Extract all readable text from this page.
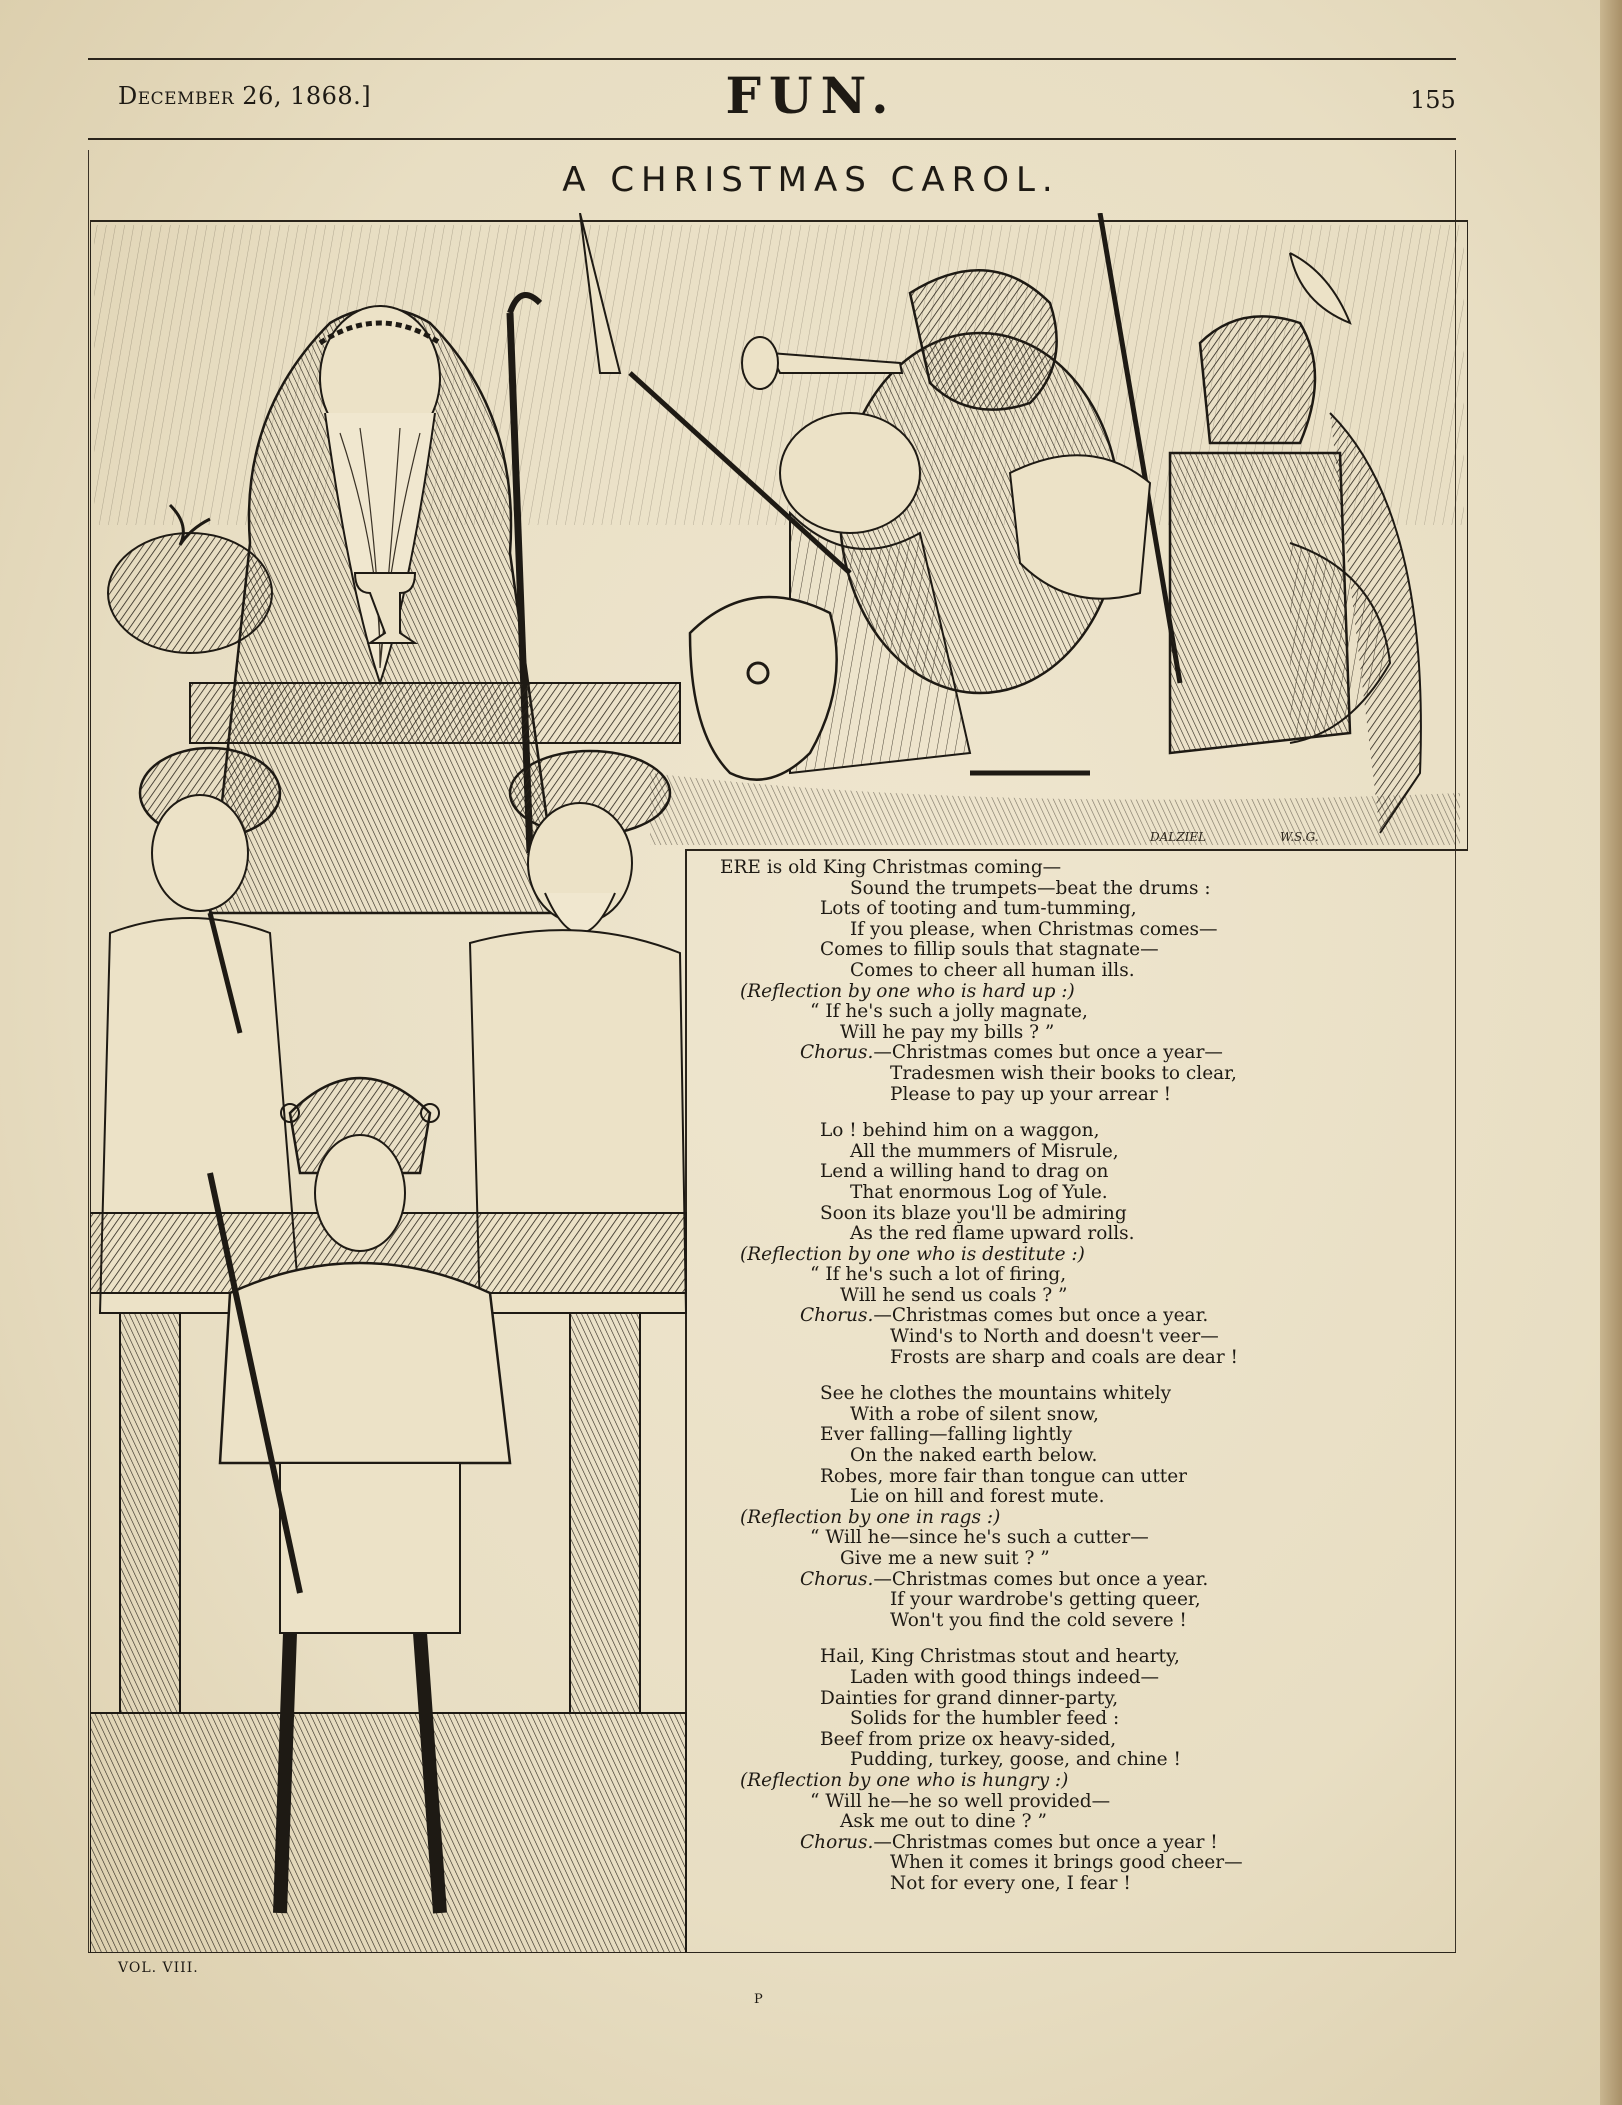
December 26, 1868.]	FUN.	155
A CHRISTMAS CAROL.
DALZIEL	W.S.G.
ERE is old King Christmas coming—
Sound the trumpets—beat the drums :
Lots of tooting and tum-tumming,
If you please, when Christmas comes—
Comes to fillip souls that stagnate—
Comes to cheer all human ills.
(Reflection by one who is hard up :)
“ If he's such a jolly magnate,
Will he pay my bills ? ”
Chorus.—Christmas comes but once a year—
Tradesmen wish their books to clear,
Please to pay up your arrear !
Lo ! behind him on a waggon,
All the mummers of Misrule,
Lend a willing hand to drag on
That enormous Log of Yule.
Soon its blaze you'll be admiring
As the red flame upward rolls.
(Reflection by one who is destitute :)
“ If he's such a lot of firing,
Will he send us coals ? ”
Chorus.—Christmas comes but once a year.
Wind's to North and doesn't veer—
Frosts are sharp and coals are dear !
See he clothes the mountains whitely
With a robe of silent snow,
Ever falling—falling lightly
On the naked earth below.
Robes, more fair than tongue can utter
Lie on hill and forest mute.
(Reflection by one in rags :)
“ Will he—since he's such a cutter—
Give me a new suit ? ”
Chorus.—Christmas comes but once a year.
If your wardrobe's getting queer,
Won't you find the cold severe !
Hail, King Christmas stout and hearty,
Laden with good things indeed—
Dainties for grand dinner-party,
Solids for the humbler feed :
Beef from prize ox heavy-sided,
Pudding, turkey, goose, and chine !
(Reflection by one who is hungry :)
“ Will he—he so well provided—
Ask me out to dine ? ”
Chorus.—Christmas comes but once a year !
When it comes it brings good cheer—
Not for every one, I fear !
VOL. VIII.
P
